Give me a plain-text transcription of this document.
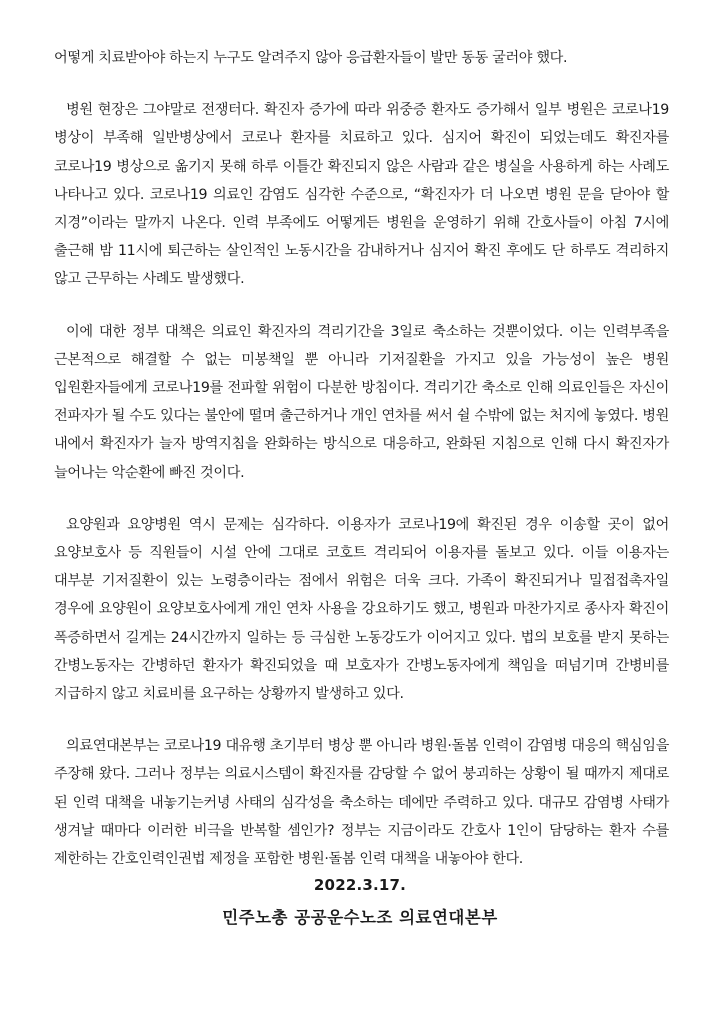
어떻게 치료받아야 하는지 누구도 알려주지 않아 응급환자들이 발만 동동 굴러야 했다.

병원 현장은 그야말로 전쟁터다. 확진자 증가에 따라 위중증 환자도 증가해서 일부 병원은 코로나19 병상이 부족해 일반병상에서 코로나 환자를 치료하고 있다. 심지어 확진이 되었는데도 확진자를 코로나19 병상으로 옮기지 못해 하루 이틀간 확진되지 않은 사람과 같은 병실을 사용하게 하는 사례도 나타나고 있다. 코로나19 의료인 감염도 심각한 수준으로, “확진자가 더 나오면 병원 문을 닫아야 할 지경”이라는 말까지 나온다. 인력 부족에도 어떻게든 병원을 운영하기 위해 간호사들이 아침 7시에 출근해 밤 11시에 퇴근하는 살인적인 노동시간을 감내하거나 심지어 확진 후에도 단 하루도 격리하지 않고 근무하는 사례도 발생했다.

이에 대한 정부 대책은 의료인 확진자의 격리기간을 3일로 축소하는 것뿐이었다. 이는 인력부족을 근본적으로 해결할 수 없는 미봉책일 뿐 아니라 기저질환을 가지고 있을 가능성이 높은 병원 입원환자들에게 코로나19를 전파할 위험이 다분한 방침이다. 격리기간 축소로 인해 의료인들은 자신이 전파자가 될 수도 있다는 불안에 떨며 출근하거나 개인 연차를 써서 쉴 수밖에 없는 처지에 놓였다. 병원 내에서 확진자가 늘자 방역지침을 완화하는 방식으로 대응하고, 완화된 지침으로 인해 다시 확진자가 늘어나는 악순환에 빠진 것이다.

요양원과 요양병원 역시 문제는 심각하다. 이용자가 코로나19에 확진된 경우 이송할 곳이 없어 요양보호사 등 직원들이 시설 안에 그대로 코호트 격리되어 이용자를 돌보고 있다. 이들 이용자는 대부분 기저질환이 있는 노령층이라는 점에서 위험은 더욱 크다. 가족이 확진되거나 밀접접촉자일 경우에 요양원이 요양보호사에게 개인 연차 사용을 강요하기도 했고, 병원과 마찬가지로 종사자 확진이 폭증하면서 길게는 24시간까지 일하는 등 극심한 노동강도가 이어지고 있다. 법의 보호를 받지 못하는 간병노동자는 간병하던 환자가 확진되었을 때 보호자가 간병노동자에게 책임을 떠넘기며 간병비를 지급하지 않고 치료비를 요구하는 상황까지 발생하고 있다.

의료연대본부는 코로나19 대유행 초기부터 병상 뿐 아니라 병원·돌봄 인력이 감염병 대응의 핵심임을 주장해 왔다. 그러나 정부는 의료시스템이 확진자를 감당할 수 없어 붕괴하는 상황이 될 때까지 제대로 된 인력 대책을 내놓기는커녕 사태의 심각성을 축소하는 데에만 주력하고 있다. 대규모 감염병 사태가 생겨날 때마다 이러한 비극을 반복할 셈인가? 정부는 지금이라도 간호사 1인이 담당하는 환자 수를 제한하는 간호인력인권법 제정을 포함한 병원·돌봄 인력 대책을 내놓아야 한다.

2022.3.17.
민주노총 공공운수노조 의료연대본부
